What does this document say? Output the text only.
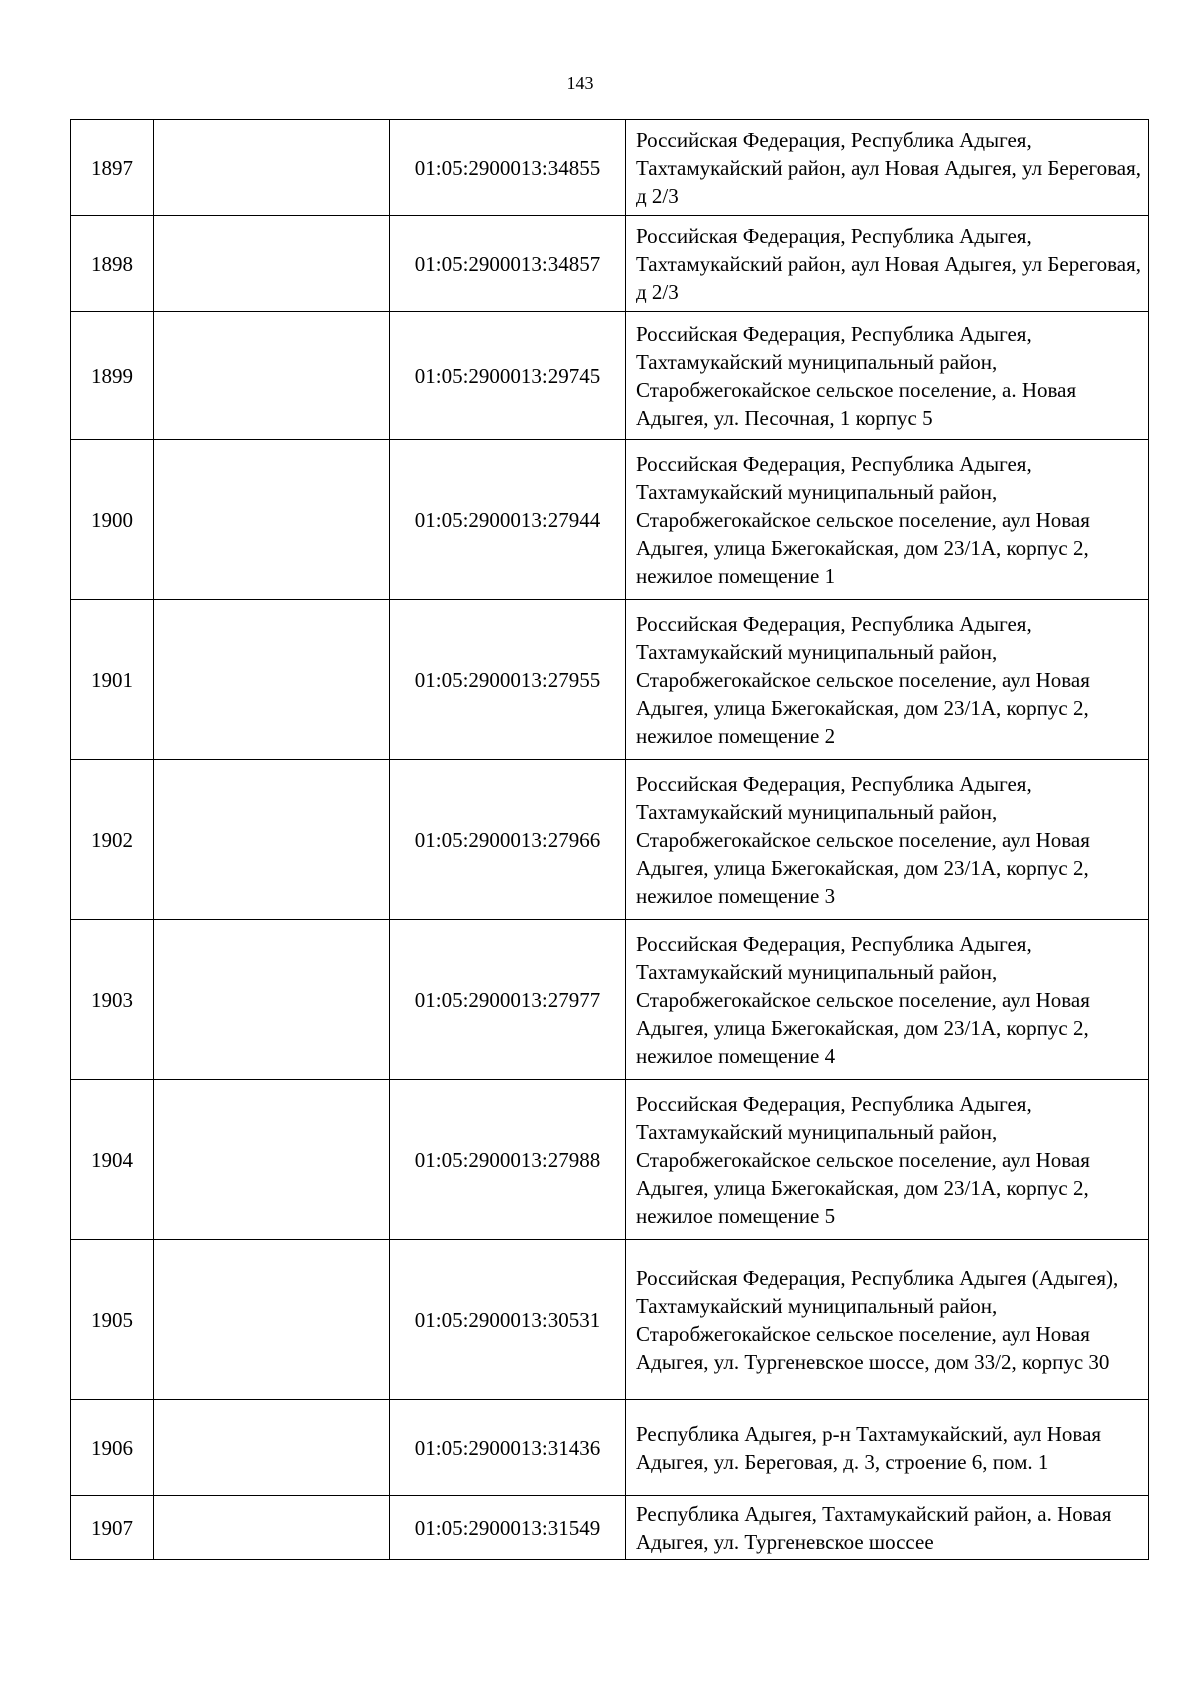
143
1897		01:05:2900013:34855	Российская Федерация, Республика Адыгея, Тахтамукайский район, аул Новая Адыгея, ул Береговая, д 2/3
1898		01:05:2900013:34857	Российская Федерация, Республика Адыгея, Тахтамукайский район, аул Новая Адыгея, ул Береговая, д 2/3
1899		01:05:2900013:29745	Российская Федерация, Республика Адыгея, Тахтамукайский муниципальный район, Старобжегокайское сельское поселение, а. Новая Адыгея, ул. Песочная, 1 корпус 5
1900		01:05:2900013:27944	Российская Федерация, Республика Адыгея, Тахтамукайский муниципальный район, Старобжегокайское сельское поселение, аул Новая Адыгея, улица Бжегокайская, дом 23/1А, корпус 2, нежилое помещение 1
1901		01:05:2900013:27955	Российская Федерация, Республика Адыгея, Тахтамукайский муниципальный район, Старобжегокайское сельское поселение, аул Новая Адыгея, улица Бжегокайская, дом 23/1А, корпус 2, нежилое помещение 2
1902		01:05:2900013:27966	Российская Федерация, Республика Адыгея, Тахтамукайский муниципальный район, Старобжегокайское сельское поселение, аул Новая Адыгея, улица Бжегокайская, дом 23/1А, корпус 2, нежилое помещение 3
1903		01:05:2900013:27977	Российская Федерация, Республика Адыгея, Тахтамукайский муниципальный район, Старобжегокайское сельское поселение, аул Новая Адыгея, улица Бжегокайская, дом 23/1А, корпус 2, нежилое помещение 4
1904		01:05:2900013:27988	Российская Федерация, Республика Адыгея, Тахтамукайский муниципальный район, Старобжегокайское сельское поселение, аул Новая Адыгея, улица Бжегокайская, дом 23/1А, корпус 2, нежилое помещение 5
1905		01:05:2900013:30531	Российская Федерация, Республика Адыгея (Адыгея), Тахтамукайский муниципальный район, Старобжегокайское сельское поселение, аул Новая Адыгея, ул. Тургеневское шоссе, дом 33/2, корпус 30
1906		01:05:2900013:31436	Республика Адыгея, р-н Тахтамукайский, аул Новая Адыгея, ул. Береговая, д. 3, строение 6, пом. 1
1907		01:05:2900013:31549	Республика Адыгея, Тахтамукайский район, а. Новая Адыгея, ул. Тургеневское шоссее
